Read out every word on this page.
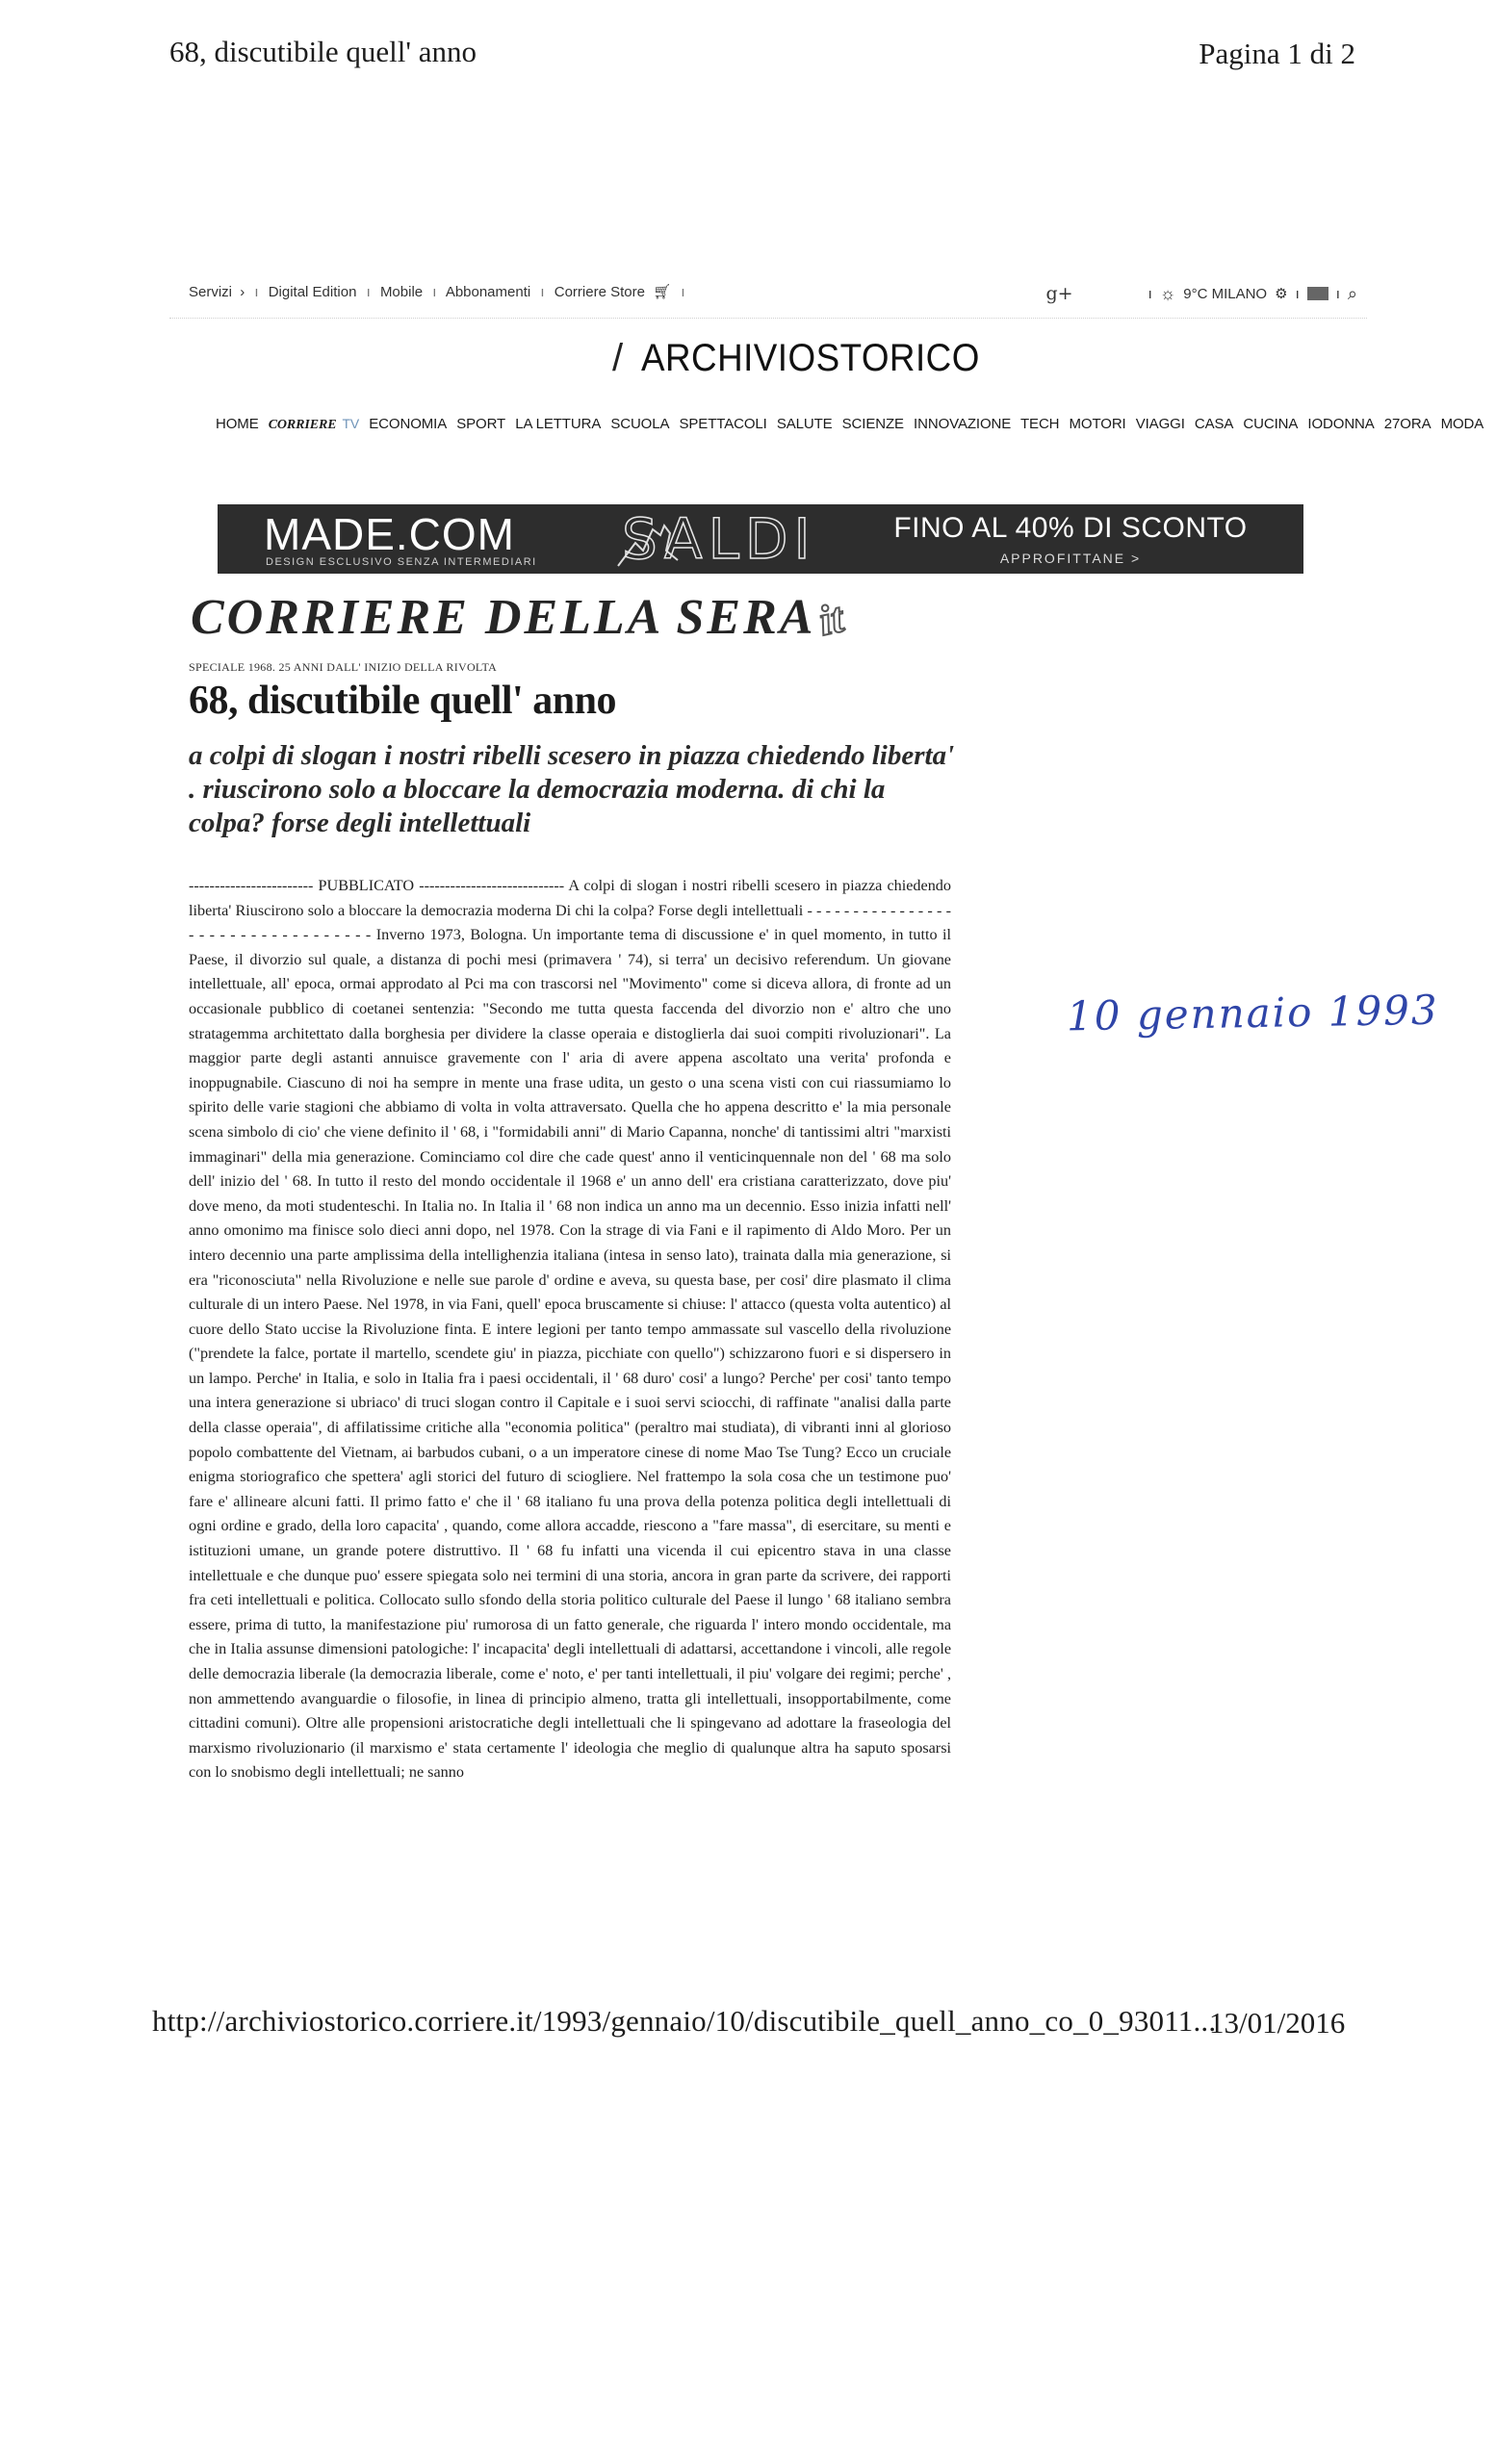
68, discutibile quell' anno	Pagina 1 di 2
Servizi › ı Digital Edition ı Mobile ı Abbonamenti ı Corriere Store 🛒︎ ı	g+	ı ☼ 9°C MILANO ⚙ ı	ı ⌕
/ ARCHIVIOSTORICO
HOME CORRIERE TV ECONOMIA SPORT LA LETTURA SCUOLA SPETTACOLI SALUTE SCIENZE INNOVAZIONE TECH MOTORI VIAGGI CASA CUCINA IODONNA 27ORA MODA
MADE.COM
DESIGN ESCLUSIVO SENZA INTERMEDIARI SALDI	FINO AL 40% DI SCONTO
APPROFITTANE >
CORRIERE DELLA SERAit
SPECIALE 1968. 25 ANNI DALL' INIZIO DELLA RIVOLTA
68, discutibile quell' anno
a colpi di slogan i nostri ribelli scesero in piazza chiedendo liberta' . riuscirono solo a bloccare la democrazia moderna. di chi la colpa? forse degli intellettuali
------------------------ PUBBLICATO ---------------------------- A colpi di slogan i nostri ribelli scesero in piazza chiedendo liberta' Riuscirono solo a bloccare la democrazia moderna Di chi la colpa? Forse degli intellettuali - - - - - - - - - - - - - - - - - - - - - - - - - - - - - - - - - - Inverno 1973, Bologna. Un importante tema di discussione e' in quel momento, in tutto il Paese, il divorzio sul quale, a distanza di pochi mesi (primavera ' 74), si terra' un decisivo referendum. Un giovane intellettuale, all' epoca, ormai approdato al Pci ma con trascorsi nel "Movimento" come si diceva allora, di fronte ad un occasionale pubblico di coetanei sentenzia: "Secondo me tutta questa faccenda del divorzio non e' altro che uno stratagemma architettato dalla borghesia per dividere la classe operaia e distoglierla dai suoi compiti rivoluzionari". La maggior parte degli astanti annuisce gravemente con l' aria di avere appena ascoltato una verita' profonda e inoppugnabile. Ciascuno di noi ha sempre in mente una frase udita, un gesto o una scena visti con cui riassumiamo lo spirito delle varie stagioni che abbiamo di volta in volta attraversato. Quella che ho appena descritto e' la mia personale scena simbolo di cio' che viene definito il ' 68, i "formidabili anni" di Mario Capanna, nonche' di tantissimi altri "marxisti immaginari" della mia generazione. Cominciamo col dire che cade quest' anno il venticinquennale non del ' 68 ma solo dell' inizio del ' 68. In tutto il resto del mondo occidentale il 1968 e' un anno dell' era cristiana caratterizzato, dove piu' dove meno, da moti studenteschi. In Italia no. In Italia il ' 68 non indica un anno ma un decennio. Esso inizia infatti nell' anno omonimo ma finisce solo dieci anni dopo, nel 1978. Con la strage di via Fani e il rapimento di Aldo Moro. Per un intero decennio una parte amplissima della intellighenzia italiana (intesa in senso lato), trainata dalla mia generazione, si era "riconosciuta" nella Rivoluzione e nelle sue parole d' ordine e aveva, su questa base, per cosi' dire plasmato il clima culturale di un intero Paese. Nel 1978, in via Fani, quell' epoca bruscamente si chiuse: l' attacco (questa volta autentico) al cuore dello Stato uccise la Rivoluzione finta. E intere legioni per tanto tempo ammassate sul vascello della rivoluzione ("prendete la falce, portate il martello, scendete giu' in piazza, picchiate con quello") schizzarono fuori e si dispersero in un lampo. Perche' in Italia, e solo in Italia fra i paesi occidentali, il ' 68 duro' cosi' a lungo? Perche' per cosi' tanto tempo una intera generazione si ubriaco' di truci slogan contro il Capitale e i suoi servi sciocchi, di raffinate "analisi dalla parte della classe operaia", di affilatissime critiche alla "economia politica" (peraltro mai studiata), di vibranti inni al glorioso popolo combattente del Vietnam, ai barbudos cubani, o a un imperatore cinese di nome Mao Tse Tung? Ecco un cruciale enigma storiografico che spettera' agli storici del futuro di sciogliere. Nel frattempo la sola cosa che un testimone puo' fare e' allineare alcuni fatti. Il primo fatto e' che il ' 68 italiano fu una prova della potenza politica degli intellettuali di ogni ordine e grado, della loro capacita' , quando, come allora accadde, riescono a "fare massa", di esercitare, su menti e istituzioni umane, un grande potere distruttivo. Il ' 68 fu infatti una vicenda il cui epicentro stava in una classe intellettuale e che dunque puo' essere spiegata solo nei termini di una storia, ancora in gran parte da scrivere, dei rapporti fra ceti intellettuali e politica. Collocato sullo sfondo della storia politico culturale del Paese il lungo ' 68 italiano sembra essere, prima di tutto, la manifestazione piu' rumorosa di un fatto generale, che riguarda l' intero mondo occidentale, ma che in Italia assunse dimensioni patologiche: l' incapacita' degli intellettuali di adattarsi, accettandone i vincoli, alle regole delle democrazia liberale (la democrazia liberale, come e' noto, e' per tanti intellettuali, il piu' volgare dei regimi; perche' , non ammettendo avanguardie o filosofie, in linea di principio almeno, tratta gli intellettuali, insopportabilmente, come cittadini comuni). Oltre alle propensioni aristocratiche degli intellettuali che li spingevano ad adottare la fraseologia del marxismo rivoluzionario (il marxismo e' stata certamente l' ideologia che meglio di qualunque altra ha saputo sposarsi con lo snobismo degli intellettuali; ne sanno
10 gennaio 1993
http://archiviostorico.corriere.it/1993/gennaio/10/discutibile_quell_anno_co_0_93011...
13/01/2016
